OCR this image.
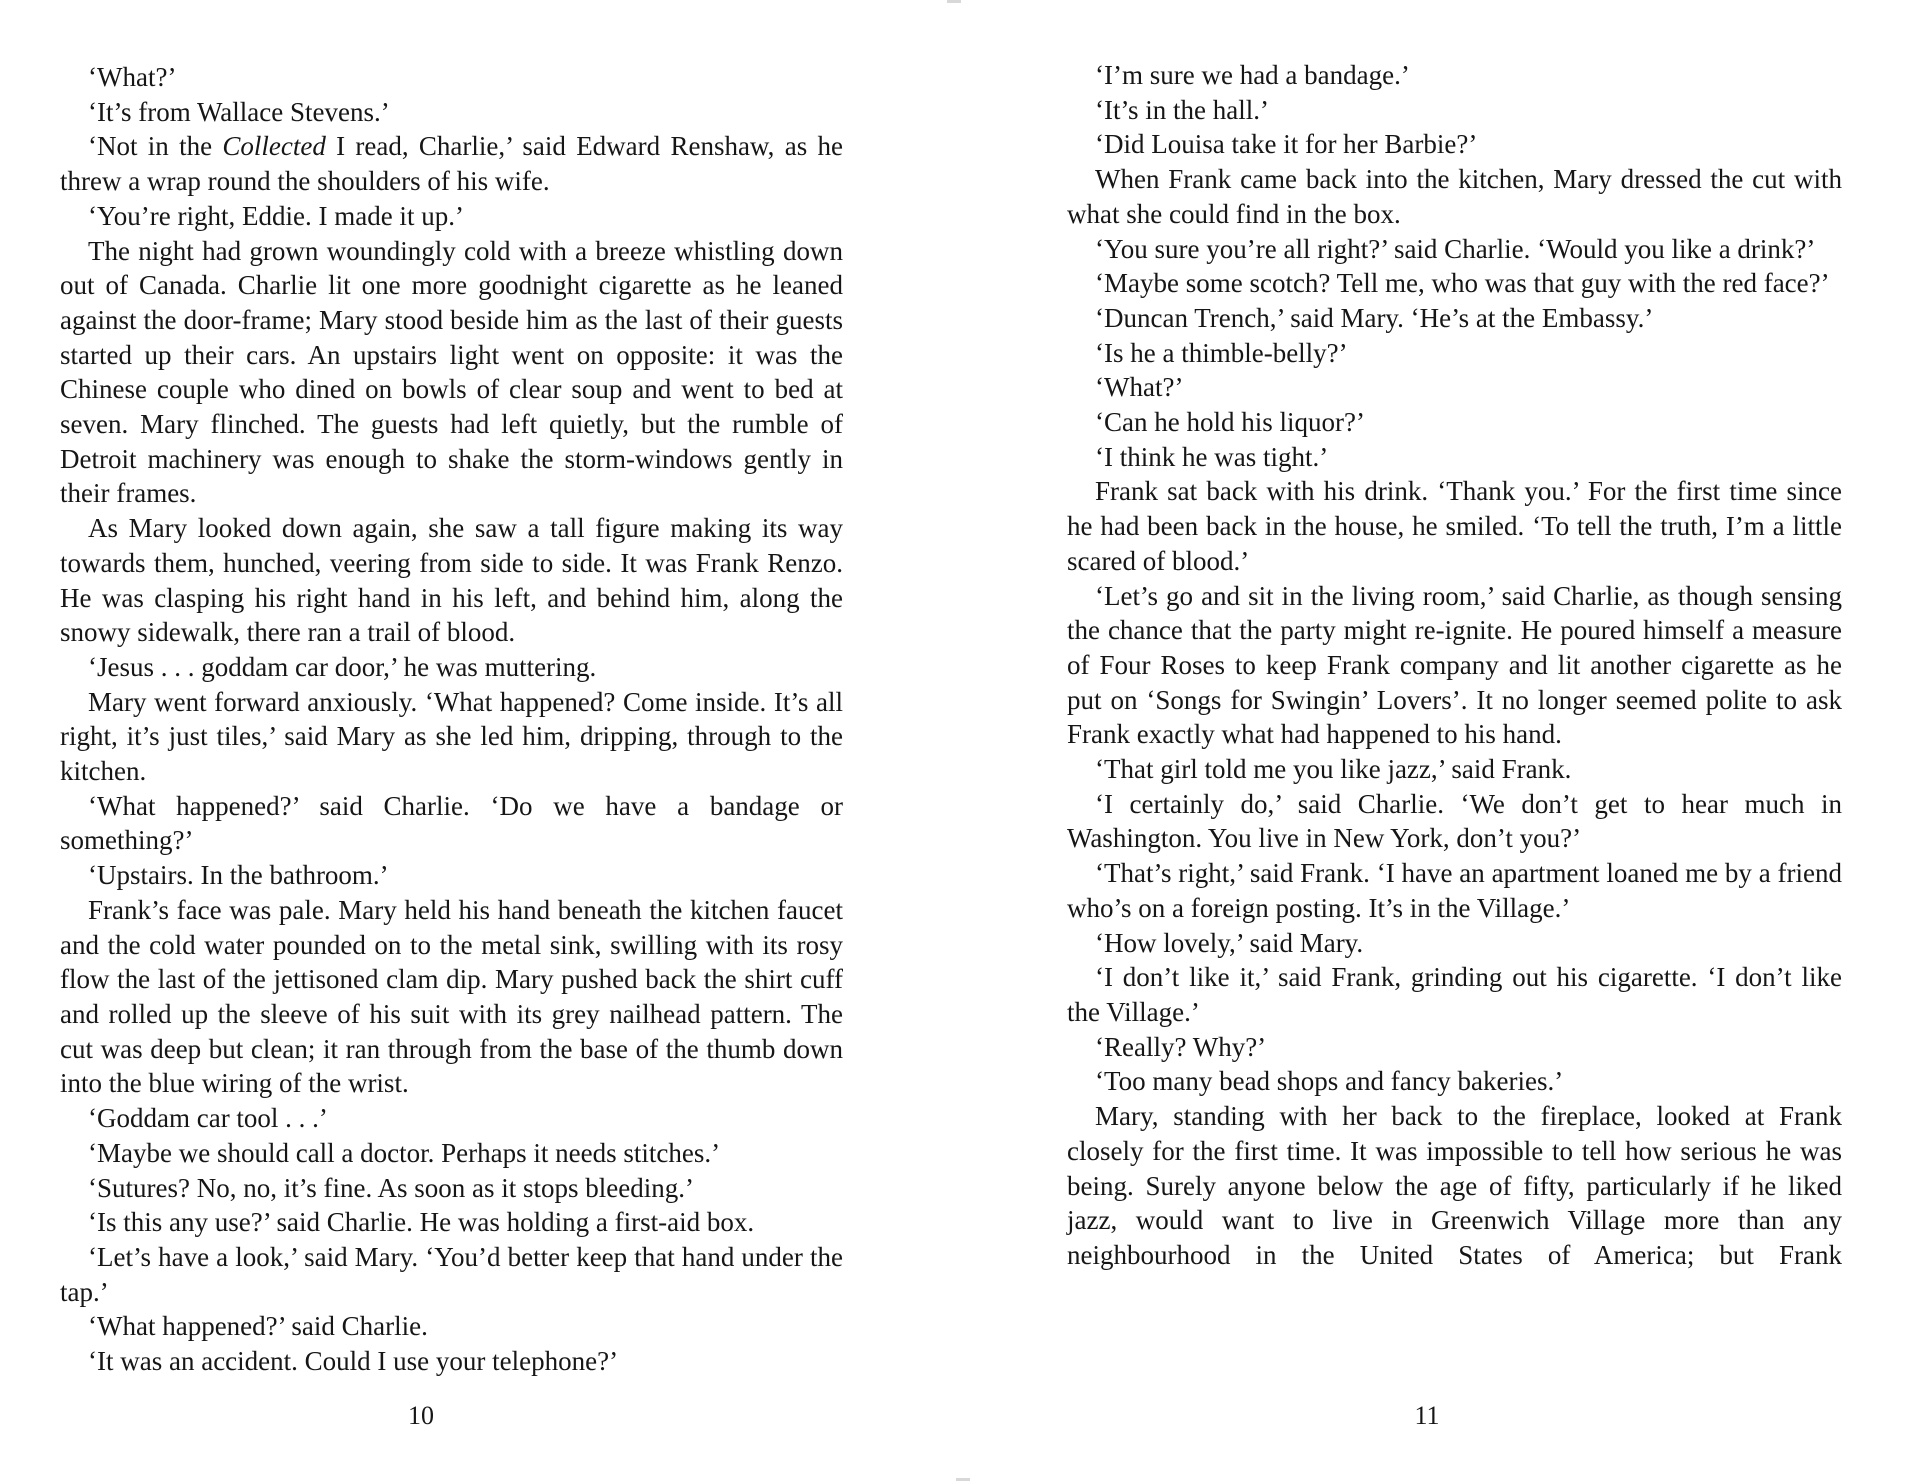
‘What?’

‘It’s from Wallace Stevens.’

‘Not in the Collected I read, Charlie,’ said Edward Renshaw, as he threw a wrap round the shoulders of his wife.

‘You’re right, Eddie. I made it up.’

The night had grown woundingly cold with a breeze whistling down out of Canada. Charlie lit one more goodnight cigarette as he leaned against the door-frame; Mary stood beside him as the last of their guests started up their cars. An upstairs light went on opposite: it was the Chinese couple who dined on bowls of clear soup and went to bed at seven. Mary flinched. The guests had left quietly, but the rumble of Detroit machinery was enough to shake the storm-windows gently in their frames.

As Mary looked down again, she saw a tall figure making its way towards them, hunched, veering from side to side. It was Frank Renzo. He was clasping his right hand in his left, and behind him, along the snowy sidewalk, there ran a trail of blood.

‘Jesus . . . goddam car door,’ he was muttering.

Mary went forward anxiously. ‘What happened? Come inside. It’s all right, it’s just tiles,’ said Mary as she led him, dripping, through to the kitchen.

‘What happened?’ said Charlie. ‘Do we have a bandage or something?’

‘Upstairs. In the bathroom.’

Frank’s face was pale. Mary held his hand beneath the kitchen faucet and the cold water pounded on to the metal sink, swilling with its rosy flow the last of the jettisoned clam dip. Mary pushed back the shirt cuff and rolled up the sleeve of his suit with its grey nailhead pattern. The cut was deep but clean; it ran through from the base of the thumb down into the blue wiring of the wrist.

‘Goddam car tool . . .’

‘Maybe we should call a doctor. Perhaps it needs stitches.’

‘Sutures? No, no, it’s fine. As soon as it stops bleeding.’

‘Is this any use?’ said Charlie. He was holding a first-aid box.

‘Let’s have a look,’ said Mary. ‘You’d better keep that hand under the tap.’

‘What happened?’ said Charlie.

‘It was an accident. Could I use your telephone?’

10

‘I’m sure we had a bandage.’

‘It’s in the hall.’

‘Did Louisa take it for her Barbie?’

When Frank came back into the kitchen, Mary dressed the cut with what she could find in the box.

‘You sure you’re all right?’ said Charlie. ‘Would you like a drink?’

‘Maybe some scotch? Tell me, who was that guy with the red face?’

‘Duncan Trench,’ said Mary. ‘He’s at the Embassy.’

‘Is he a thimble-belly?’

‘What?’

‘Can he hold his liquor?’

‘I think he was tight.’

Frank sat back with his drink. ‘Thank you.’ For the first time since he had been back in the house, he smiled. ‘To tell the truth, I’m a little scared of blood.’

‘Let’s go and sit in the living room,’ said Charlie, as though sensing the chance that the party might re-ignite. He poured himself a measure of Four Roses to keep Frank company and lit another cigarette as he put on ‘Songs for Swingin’ Lovers’. It no longer seemed polite to ask Frank exactly what had happened to his hand.

‘That girl told me you like jazz,’ said Frank.

‘I certainly do,’ said Charlie. ‘We don’t get to hear much in Washington. You live in New York, don’t you?’

‘That’s right,’ said Frank. ‘I have an apartment loaned me by a friend who’s on a foreign posting. It’s in the Village.’

‘How lovely,’ said Mary.

‘I don’t like it,’ said Frank, grinding out his cigarette. ‘I don’t like the Village.’

‘Really? Why?’

‘Too many bead shops and fancy bakeries.’

Mary, standing with her back to the fireplace, looked at Frank closely for the first time. It was impossible to tell how serious he was being. Surely anyone below the age of fifty, particularly if he liked jazz, would want to live in Greenwich Village more than any neighbourhood in the United States of America; but Frank

11
